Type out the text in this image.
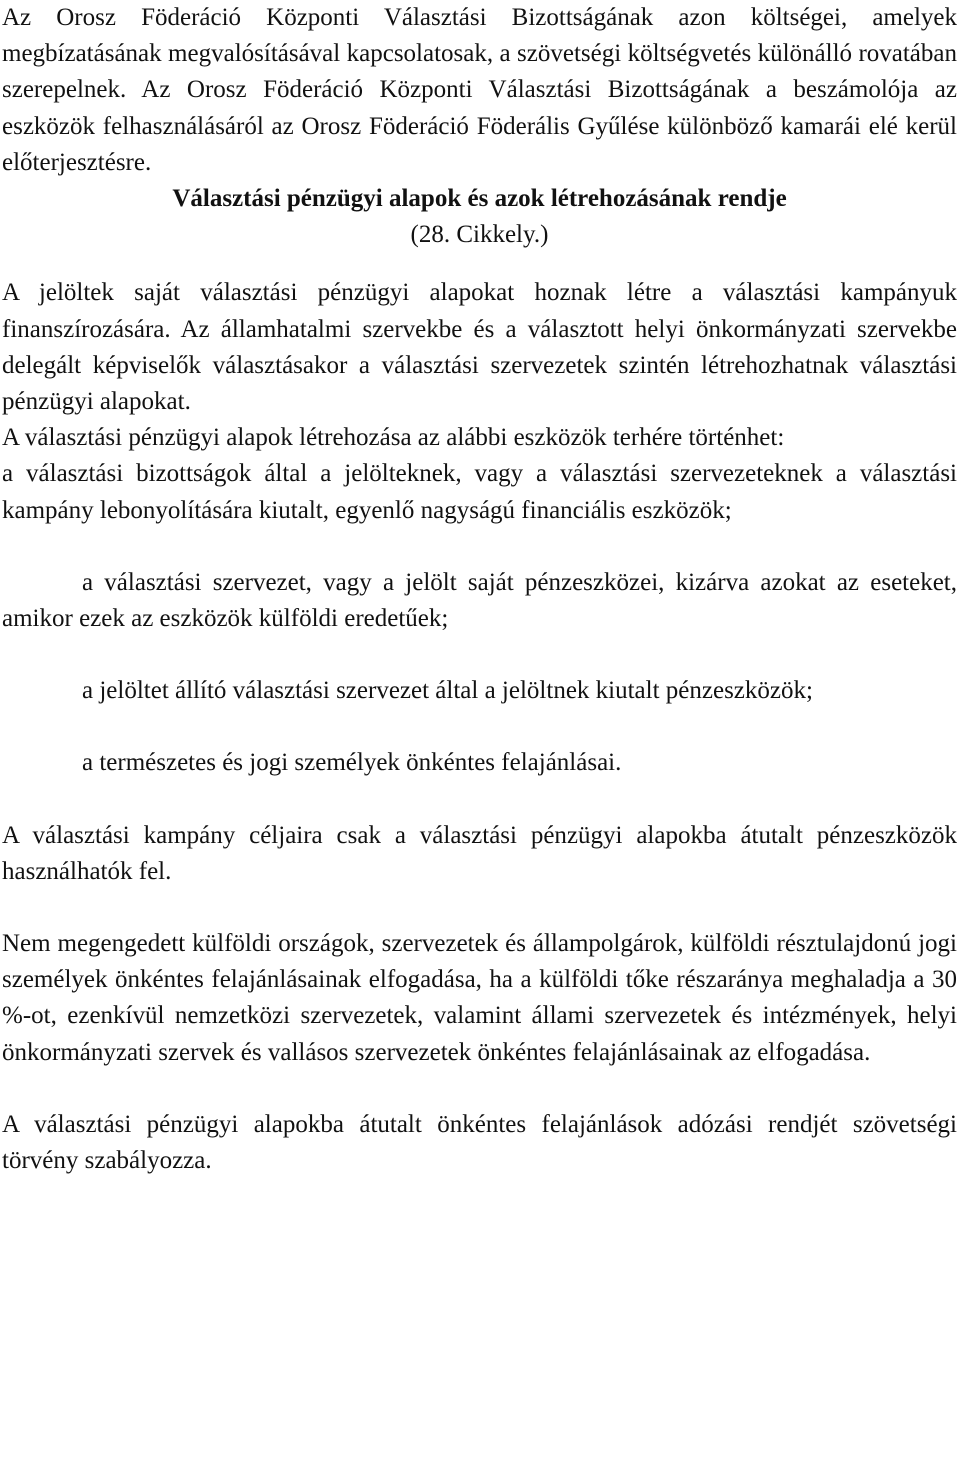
Az Orosz Föderáció Központi Választási Bizottságának azon költségei, amelyek megbízatásának megvalósításával kapcsolatosak, a szövetségi költségvetés különálló rovatában szerepelnek. Az Orosz Föderáció Központi Választási Bizottságának a beszámolója az eszközök felhasználásáról az Orosz Föderáció Föderális Gyűlése különböző kamarái elé kerül előterjesztésre.

Választási pénzügyi alapok és azok létrehozásának rendje

(28. Cikkely.)

A jelöltek saját választási pénzügyi alapokat hoznak létre a választási kampányuk finanszírozására. Az államhatalmi szervekbe és a választott helyi önkormányzati szervekbe delegált képviselők választásakor a választási szervezetek szintén létrehozhatnak választási pénzügyi alapokat.

A választási pénzügyi alapok létrehozása az alábbi eszközök terhére történhet:

a választási bizottságok által a jelölteknek, vagy a választási szervezeteknek a választási kampány lebonyolítására kiutalt, egyenlő nagyságú financiális eszközök;

a választási szervezet, vagy a jelölt saját pénzeszközei, kizárva azokat az eseteket, amikor ezek az eszközök külföldi eredetűek;

a jelöltet állító választási szervezet által a jelöltnek kiutalt pénzeszközök;

a természetes és jogi személyek önkéntes felajánlásai.

A választási kampány céljaira csak a választási pénzügyi alapokba átutalt pénzeszközök használhatók fel.

Nem megengedett külföldi országok, szervezetek és állampolgárok, külföldi résztulajdonú jogi személyek önkéntes felajánlásainak elfogadása, ha a külföldi tőke részaránya meghaladja a 30 %-ot, ezenkívül nemzetközi szervezetek, valamint állami szervezetek és intézmények, helyi önkormányzati szervek és vallásos szervezetek önkéntes felajánlásainak az elfogadása.

A választási pénzügyi alapokba átutalt önkéntes felajánlások adózási rendjét szövetségi törvény szabályozza.
